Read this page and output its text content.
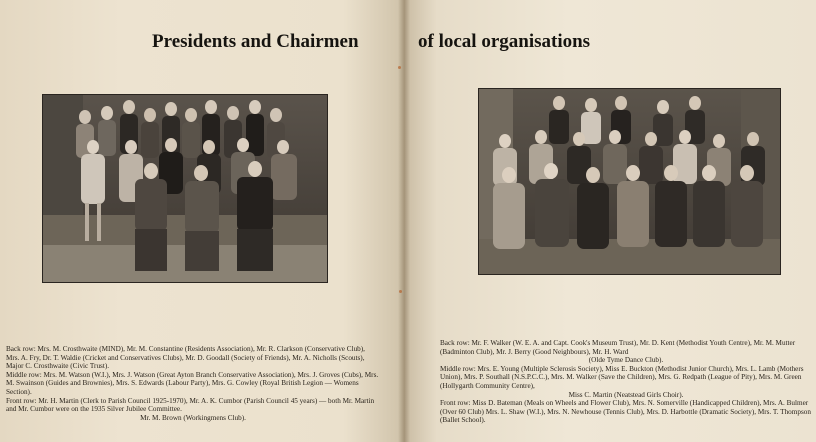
Presidents and Chairmen

Back row: Mrs. M. Crosthwaite (MIND), Mr. M. Constantine (Residents Association), Mr. R. Clarkson (Conservative Club), Mrs. A. Fry, Dr. T. Waldie (Cricket and Conservatives Clubs), Mr. D. Goodall (Society of Friends), Mr. A. Nicholls (Scouts), Major C. Crosthwaite (Civic Trust).

Middle row: Mrs. M. Watson (W.I.), Mrs. J. Watson (Great Ayton Branch Conservative Association), Mrs. J. Groves (Cubs), Mrs. M. Swainson (Guides and Brownies), Mrs. S. Edwards (Labour Party), Mrs. G. Cowley (Royal British Legion — Womens Section).

Front row: Mr. H. Martin (Clerk to Parish Council 1925-1970), Mr. A. K. Cumbor (Parish Council 45 years) — both Mr. Martin and Mr. Cumbor were on the 1935 Silver Jubilee Committee.

Mr. M. Brown (Workingmens Club).

of local organisations

Back row: Mr. F. Walker (W. E. A. and Capt. Cook's Museum Trust), Mr. D. Kent (Methodist Youth Centre), Mr. M. Mutter (Badminton Club), Mr. J. Berry (Good Neighbours), Mr. H. Ward

(Olde Tyme Dance Club).

Middle row: Mrs. E. Young (Multiple Sclerosis Society), Miss E. Buckton (Methodist Junior Church), Mrs. L. Lamb (Mothers Union), Mrs. P. Southall (N.S.P.C.C.), Mrs. M. Walker (Save the Children), Mrs. G. Redpath (League of Pity), Mrs. M. Green (Hollygarth Community Centre),

Miss C. Martin (Neatstead Girls Choir).

Front row: Miss D. Bateman (Meals on Wheels and Flower Club), Mrs. N. Somerville (Handicapped Children), Mrs. A. Bulmer (Over 60 Club) Mrs. L. Shaw (W.I.), Mrs. N. Newhouse (Tennis Club), Mrs. D. Harbottle (Dramatic Society), Mrs. T. Thompson (Ballet School).
